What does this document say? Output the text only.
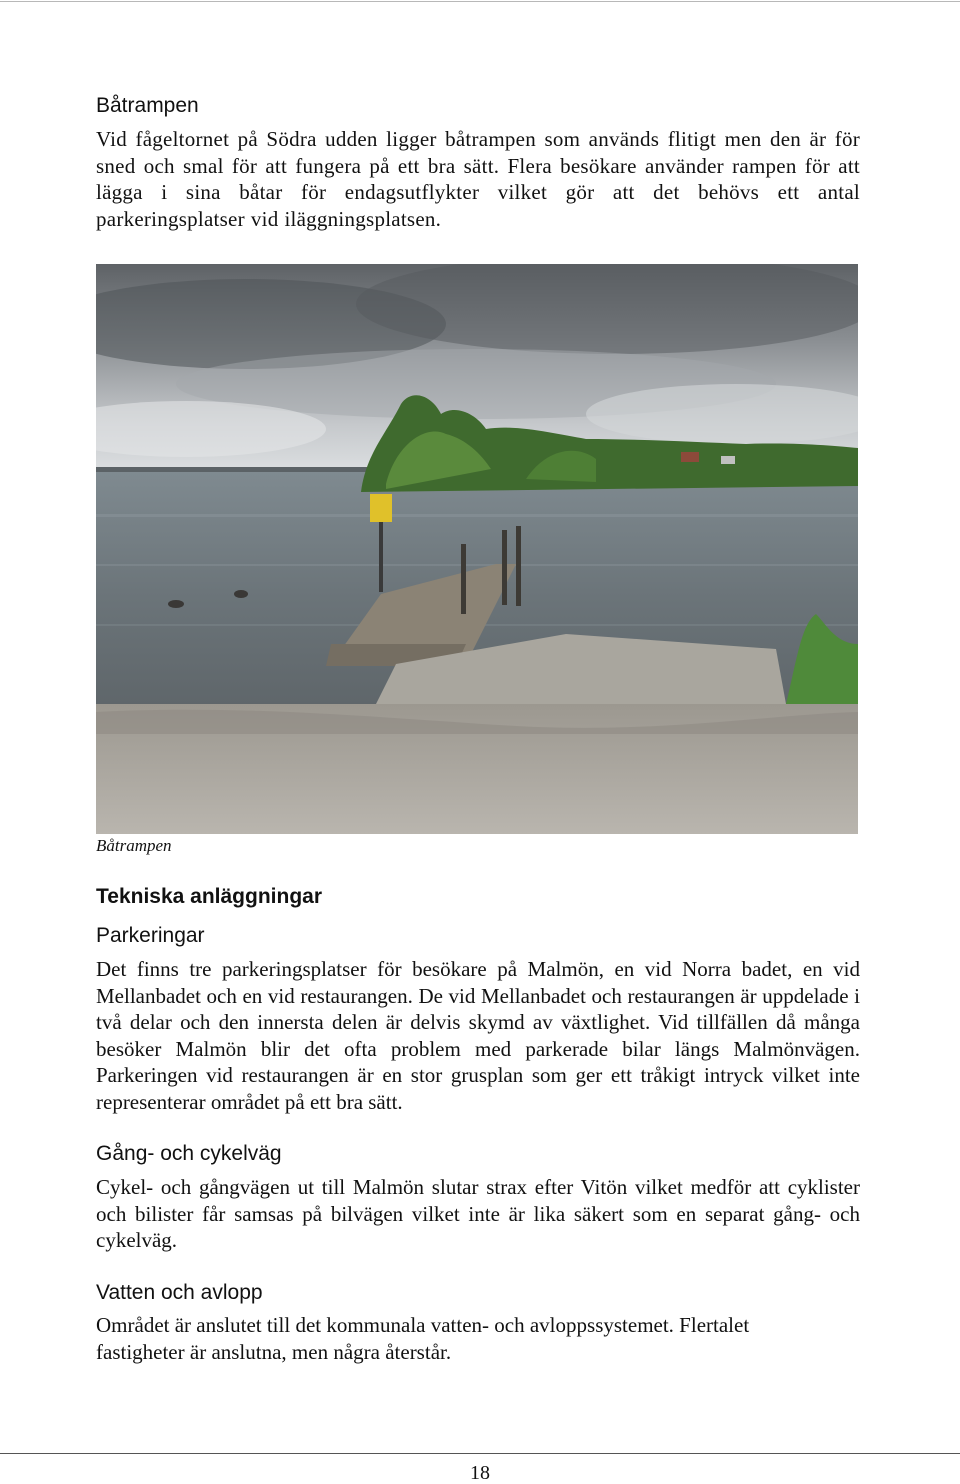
Båtrampen

Vid fågeltornet på Södra udden ligger båtrampen som används flitigt men den är för sned och smal för att fungera på ett bra sätt. Flera besökare använder rampen för att lägga i sina båtar för endagsutflykter vilket gör att det behövs ett antal parkeringsplatser vid iläggningsplatsen.

Båtrampen

Tekniska anläggningar
Parkeringar

Det finns tre parkeringsplatser för besökare på Malmön, en vid Norra badet, en vid Mellanbadet och en vid restaurangen. De vid Mellanbadet och restaurangen är uppdelade i två delar och den innersta delen är delvis skymd av växtlighet. Vid tillfällen då många besöker Malmön blir det ofta problem med parkerade bilar längs Malmönvägen. Parkeringen vid restaurangen är en stor grusplan som ger ett tråkigt intryck vilket inte representerar området på ett bra sätt.

Gång- och cykelväg

Cykel- och gångvägen ut till Malmön slutar strax efter Vitön vilket medför att cyklister och bilister får samsas på bilvägen vilket inte är lika säkert som en separat gång- och cykelväg.

Vatten och avlopp

Området är anslutet till det kommunala vatten- och avloppssystemet. Flertalet fastigheter är anslutna, men några återstår.

18
